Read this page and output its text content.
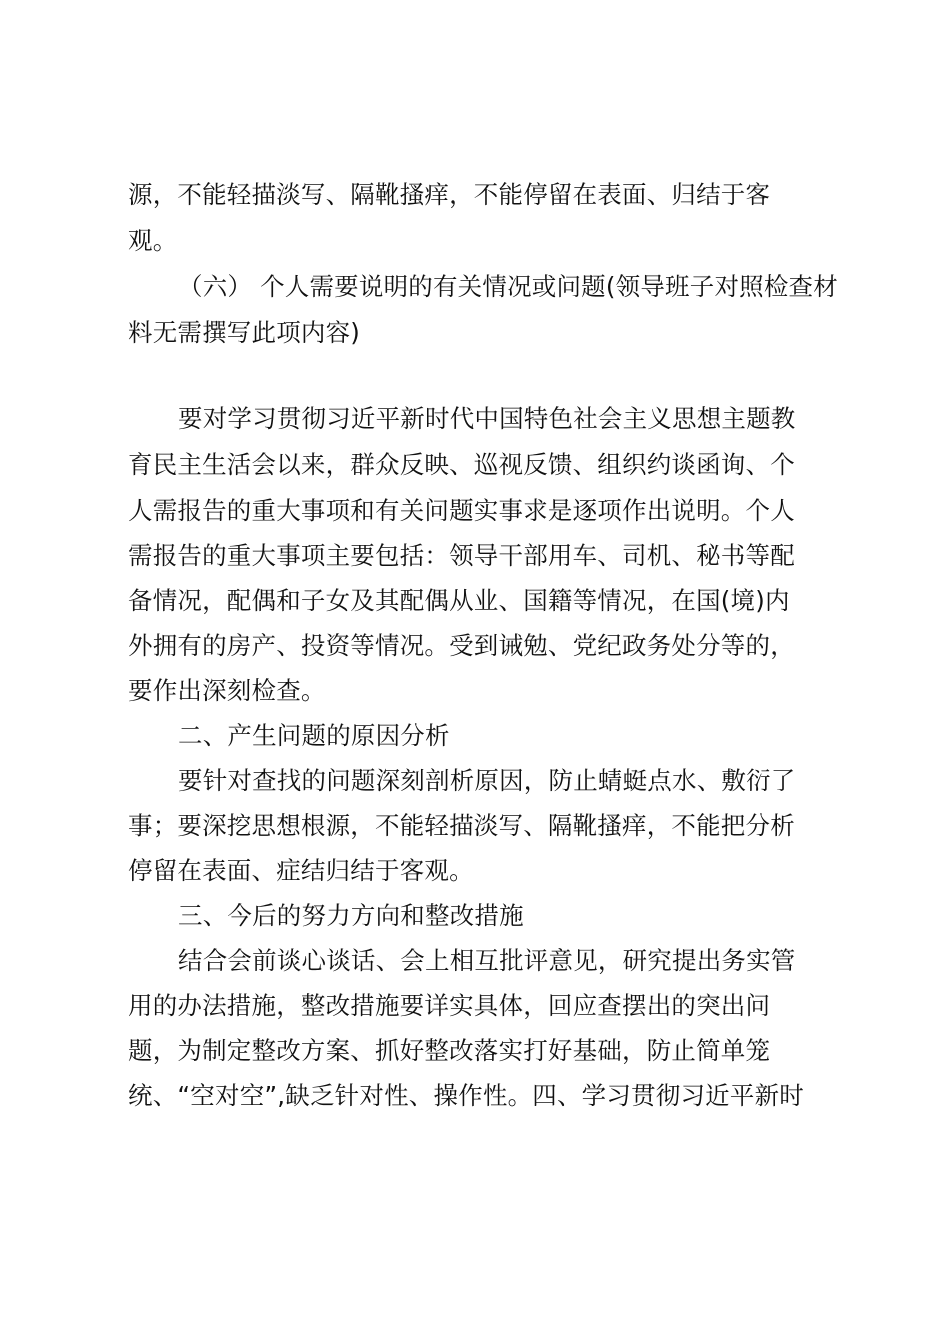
源，不能轻描淡写、隔靴搔痒，不能停留在表面、归结于客
观。
（六） 个人需要说明的有关情况或问题(领导班子对照检查材
料无需撰写此项内容)
要对学习贯彻习近平新时代中国特色社会主义思想主题教
育民主生活会以来，群众反映、巡视反馈、组织约谈函询、个
人需报告的重大事项和有关问题实事求是逐项作出说明。个人
需报告的重大事项主要包括：领导干部用车、司机、秘书等配
备情况，配偶和子女及其配偶从业、国籍等情况，在国(境)内
外拥有的房产、投资等情况。受到诫勉、党纪政务处分等的，
要作出深刻检查。
二、产生问题的原因分析
要针对查找的问题深刻剖析原因，防止蜻蜓点水、敷衍了
事；要深挖思想根源，不能轻描淡写、隔靴搔痒，不能把分析
停留在表面、症结归结于客观。
三、今后的努力方向和整改措施
结合会前谈心谈话、会上相互批评意见，研究提出务实管
用的办法措施，整改措施要详实具体，回应查摆出的突出问
题，为制定整改方案、抓好整改落实打好基础，防止简单笼
统、“空对空”,缺乏针对性、操作性。四、学习贯彻习近平新时
